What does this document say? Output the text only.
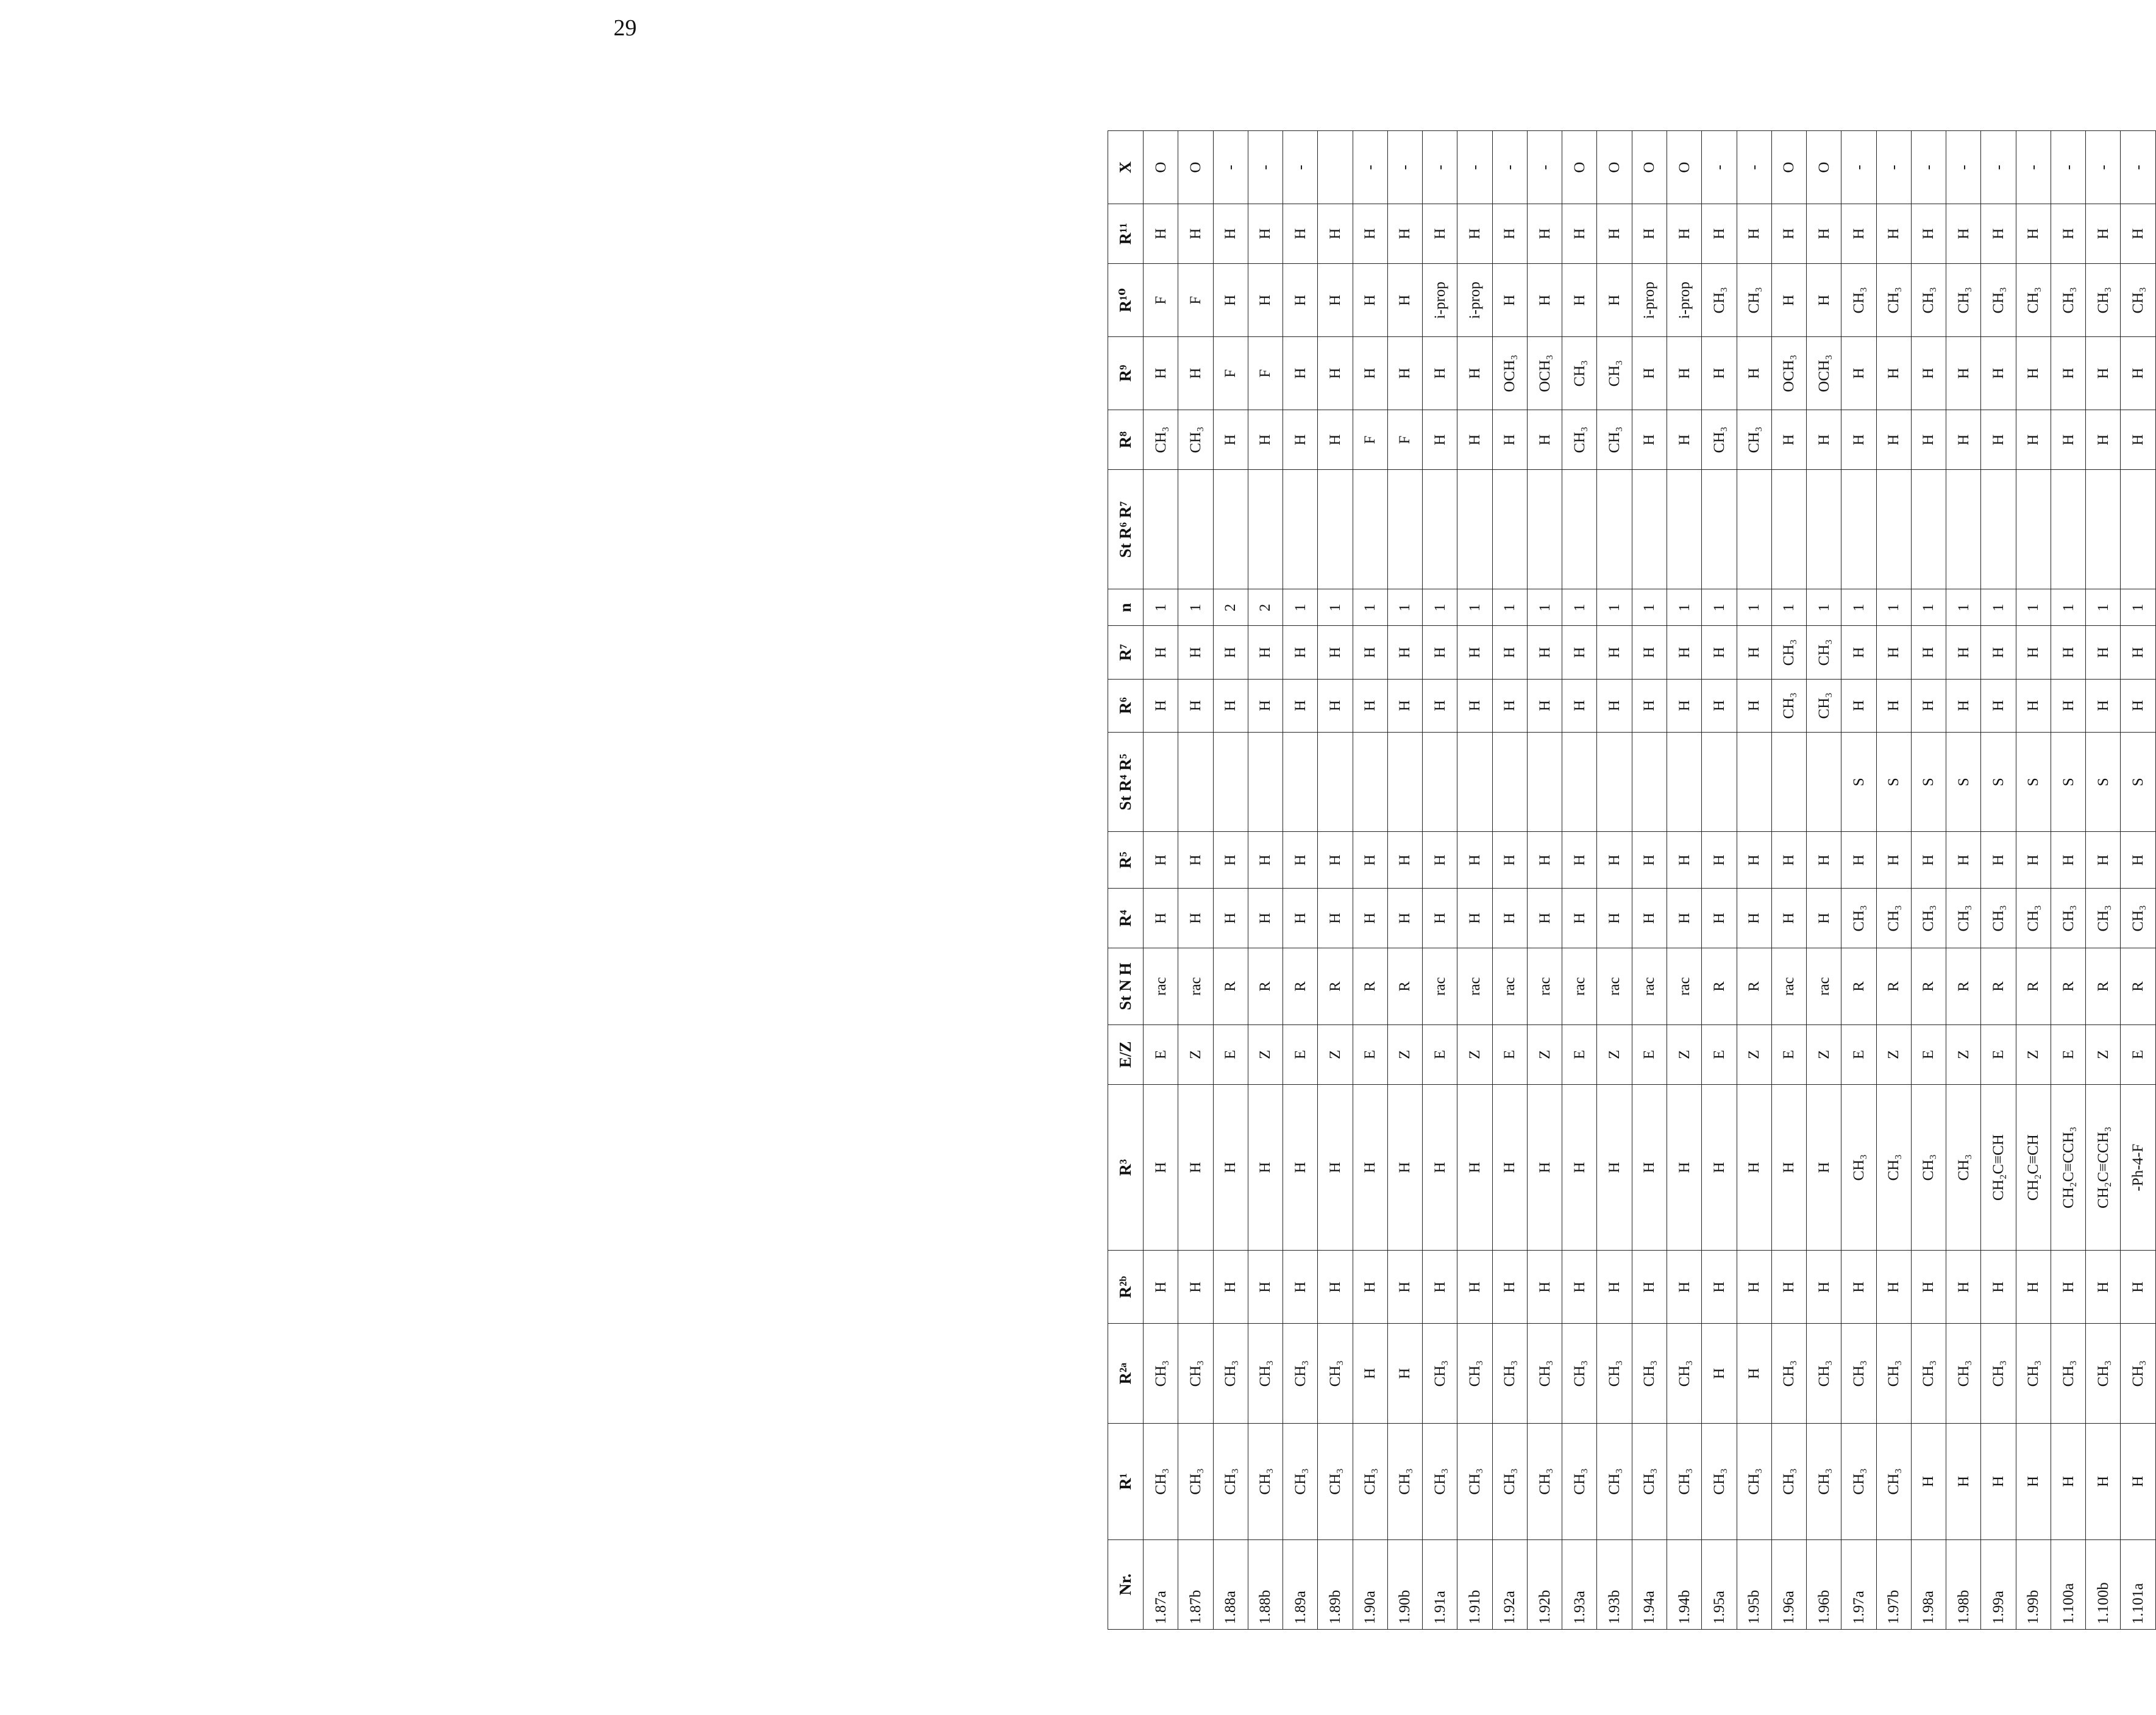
29
Nr.	R¹	R²ᵃ	R²ᵇ	R³	E/Z	St N H	R⁴	R⁵	St R⁴ R⁵	R⁶	R⁷	n	St R⁶ R⁷	R⁸	R⁹	R¹⁰	R¹¹	X
1.87a	CH₃	CH₃	H	H	E	rac	H	H		H	H	1		CH₃	H	F	H	O
1.87b	CH₃	CH₃	H	H	Z	rac	H	H		H	H	1		CH₃	H	F	H	O
1.88a	CH₃	CH₃	H	H	E	R	H	H		H	H	2		H	F	H	H	-
1.88b	CH₃	CH₃	H	H	Z	R	H	H		H	H	2		H	F	H	H	-
1.89a	CH₃	CH₃	H	H	E	R	H	H		H	H	1		H	H	H	H	-
1.89b	CH₃	CH₃	H	H	Z	R	H	H		H	H	1		H	H	H	H	
1.90a	CH₃	H	H	H	E	R	H	H		H	H	1		F	H	H	H	-
1.90b	CH₃	H	H	H	Z	R	H	H		H	H	1		F	H	H	H	-
1.91a	CH₃	CH₃	H	H	E	rac	H	H		H	H	1		H	H	i-prop	H	-
1.91b	CH₃	CH₃	H	H	Z	rac	H	H		H	H	1		H	H	i-prop	H	-
1.92a	CH₃	CH₃	H	H	E	rac	H	H		H	H	1		H	OCH₃	H	H	-
1.92b	CH₃	CH₃	H	H	Z	rac	H	H		H	H	1		H	OCH₃	H	H	-
1.93a	CH₃	CH₃	H	H	E	rac	H	H		H	H	1		CH₃	CH₃	H	H	O
1.93b	CH₃	CH₃	H	H	Z	rac	H	H		H	H	1		CH₃	CH₃	H	H	O
1.94a	CH₃	CH₃	H	H	E	rac	H	H		H	H	1		H	H	i-prop	H	O
1.94b	CH₃	CH₃	H	H	Z	rac	H	H		H	H	1		H	H	i-prop	H	O
1.95a	CH₃	H	H	H	E	R	H	H		H	H	1		CH₃	H	CH₃	H	-
1.95b	CH₃	H	H	H	Z	R	H	H		H	H	1		CH₃	H	CH₃	H	-
1.96a	CH₃	CH₃	H	H	E	rac	H	H		CH₃	CH₃	1		H	OCH₃	H	H	O
1.96b	CH₃	CH₃	H	H	Z	rac	H	H		CH₃	CH₃	1		H	OCH₃	H	H	O
1.97a	CH₃	CH₃	H	CH₃	E	R	CH₃	H	S	H	H	1		H	H	CH₃	H	-
1.97b	CH₃	CH₃	H	CH₃	Z	R	CH₃	H	S	H	H	1		H	H	CH₃	H	-
1.98a	H	CH₃	H	CH₃	E	R	CH₃	H	S	H	H	1		H	H	CH₃	H	-
1.98b	H	CH₃	H	CH₃	Z	R	CH₃	H	S	H	H	1		H	H	CH₃	H	-
1.99a	H	CH₃	H	CH₂C≡CH	E	R	CH₃	H	S	H	H	1		H	H	CH₃	H	-
1.99b	H	CH₃	H	CH₂C≡CH	Z	R	CH₃	H	S	H	H	1		H	H	CH₃	H	-
1.100a	H	CH₃	H	CH₂C≡CCH₃	E	R	CH₃	H	S	H	H	1		H	H	CH₃	H	-
1.100b	H	CH₃	H	CH₂C≡CCH₃	Z	R	CH₃	H	S	H	H	1		H	H	CH₃	H	-
1.101a	H	CH₃	H	-Ph-4-F	E	R	CH₃	H	S	H	H	1		H	H	CH₃	H	-
